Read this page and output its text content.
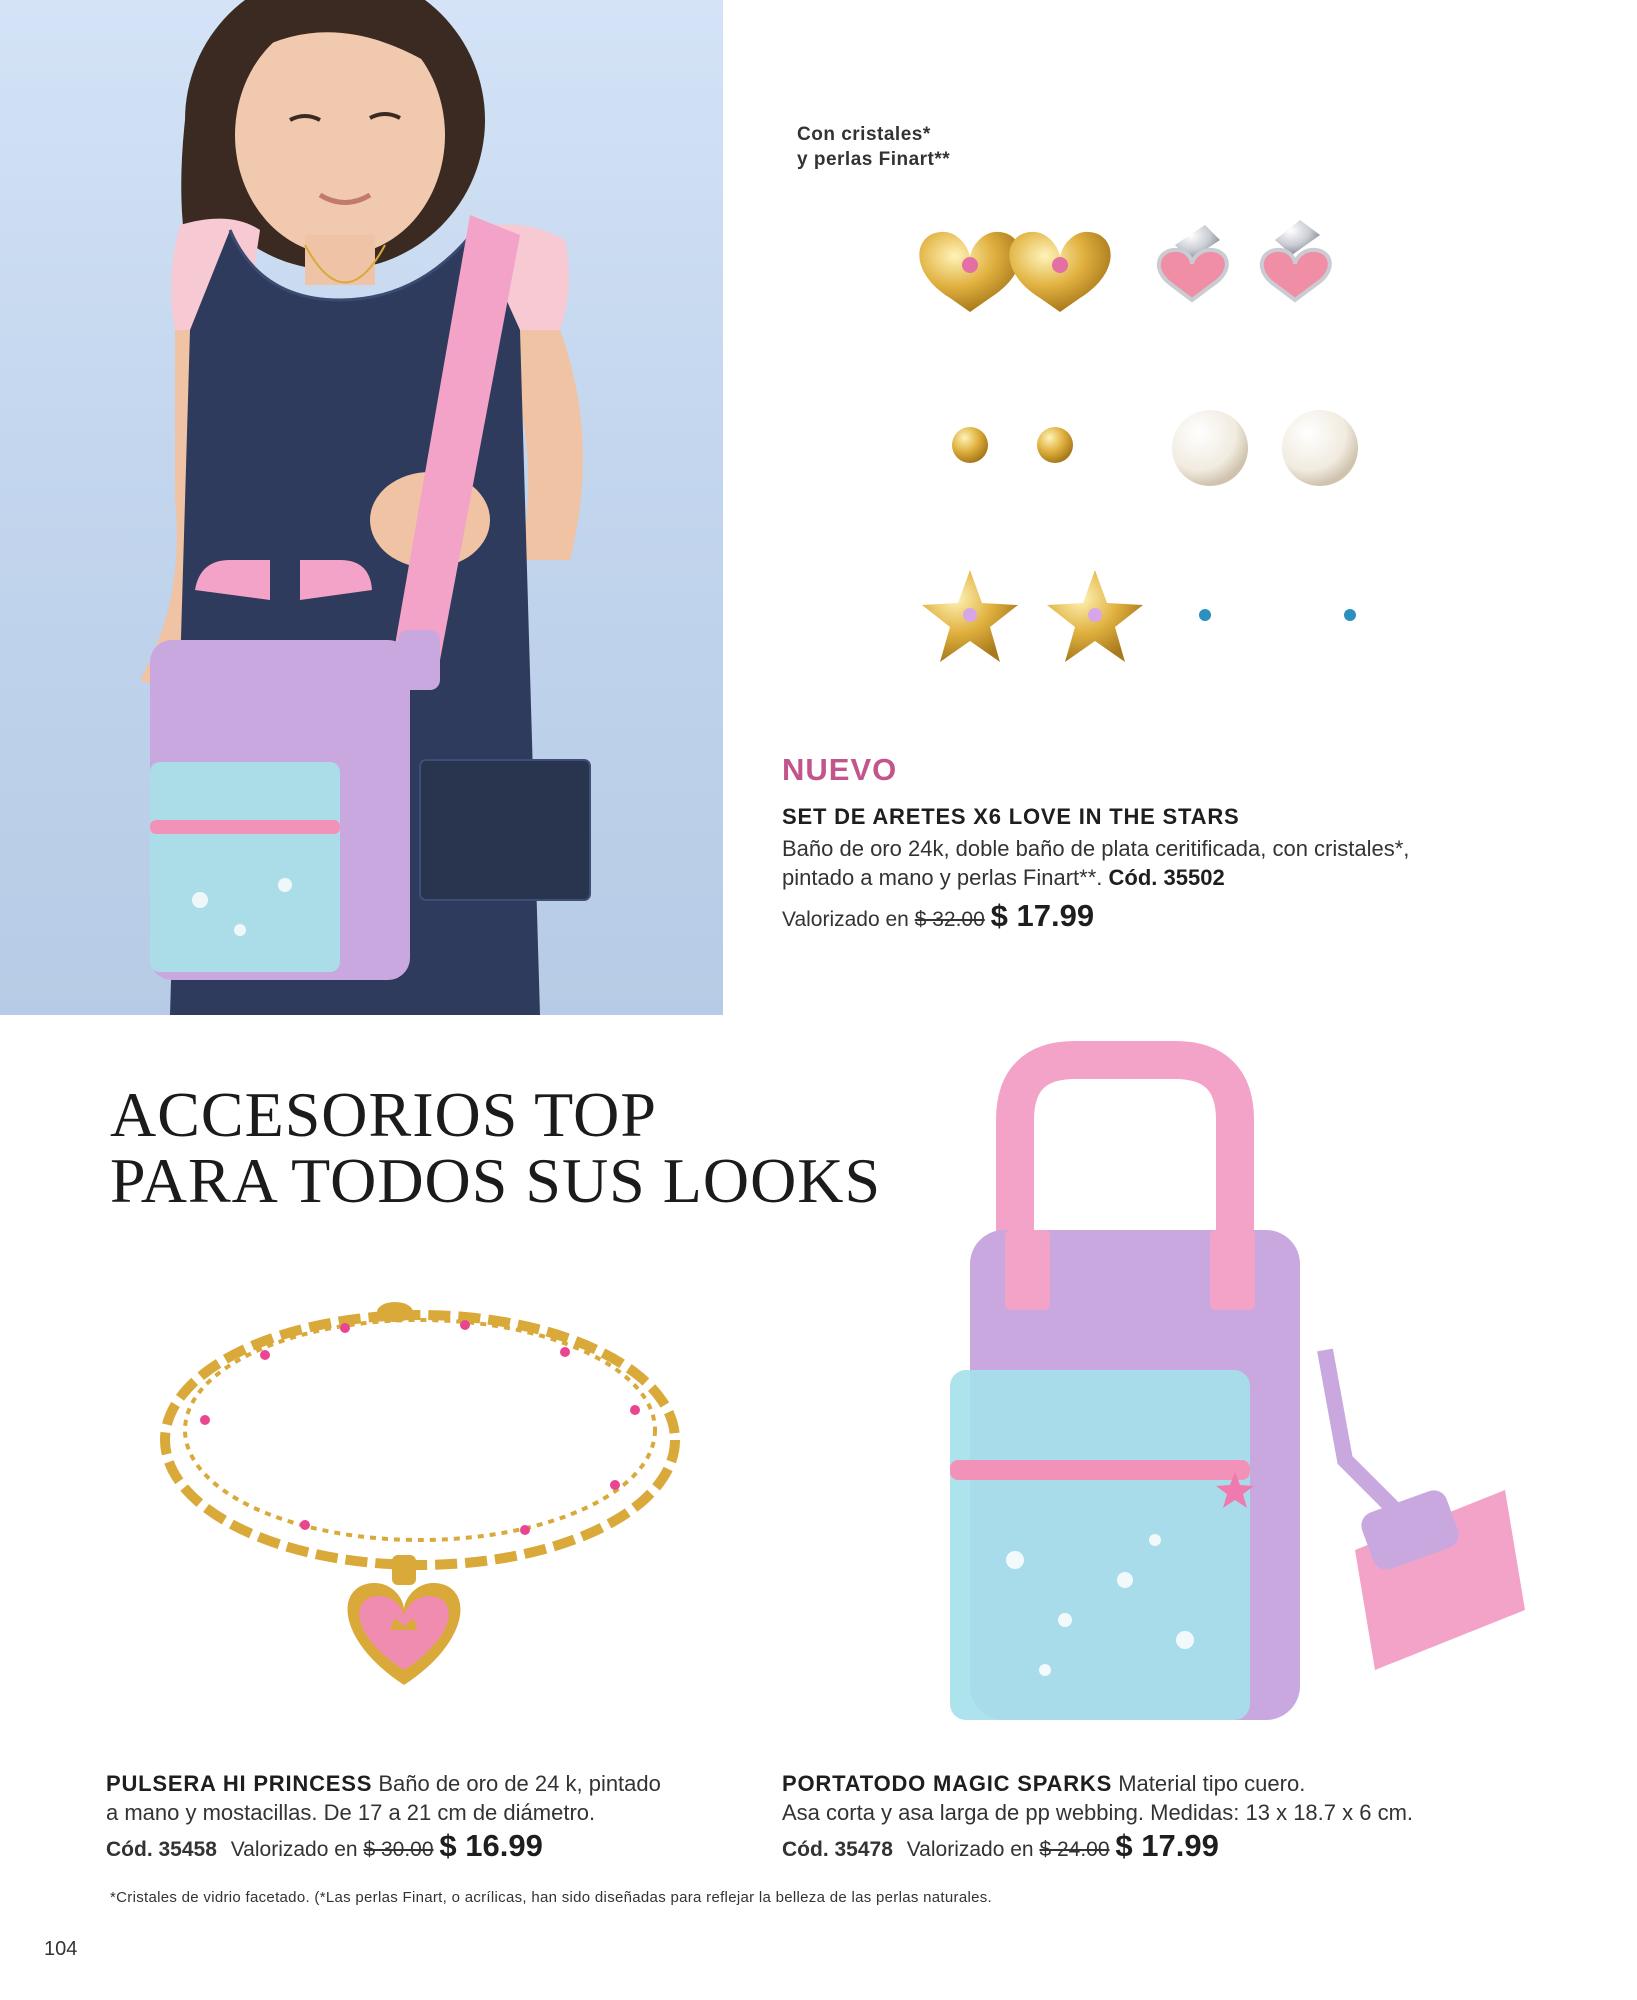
Con cristales*
y perlas Finart**
NUEVO
SET DE ARETES X6 LOVE IN THE STARS
Baño de oro 24k, doble baño de plata ceritificada, con cristales*,
pintado a mano y perlas Finart**. Cód. 35502
Valorizado en $ 32.00 $ 17.99
ACCESORIOS TOP
PARA TODOS SUS LOOKS
PULSERA HI PRINCESS Baño de oro de 24 k, pintado
a mano y mostacillas. De 17 a 21 cm de diámetro.
Cód. 35458 Valorizado en $ 30.00 $ 16.99
PORTATODO MAGIC SPARKS Material tipo cuero.
Asa corta y asa larga de pp webbing. Medidas: 13 x 18.7 x 6 cm.
Cód. 35478 Valorizado en $ 24.00 $ 17.99
*Cristales de vidrio facetado. (*Las perlas Finart, o acrílicas, han sido diseñadas para reflejar la belleza de las perlas naturales.
104
